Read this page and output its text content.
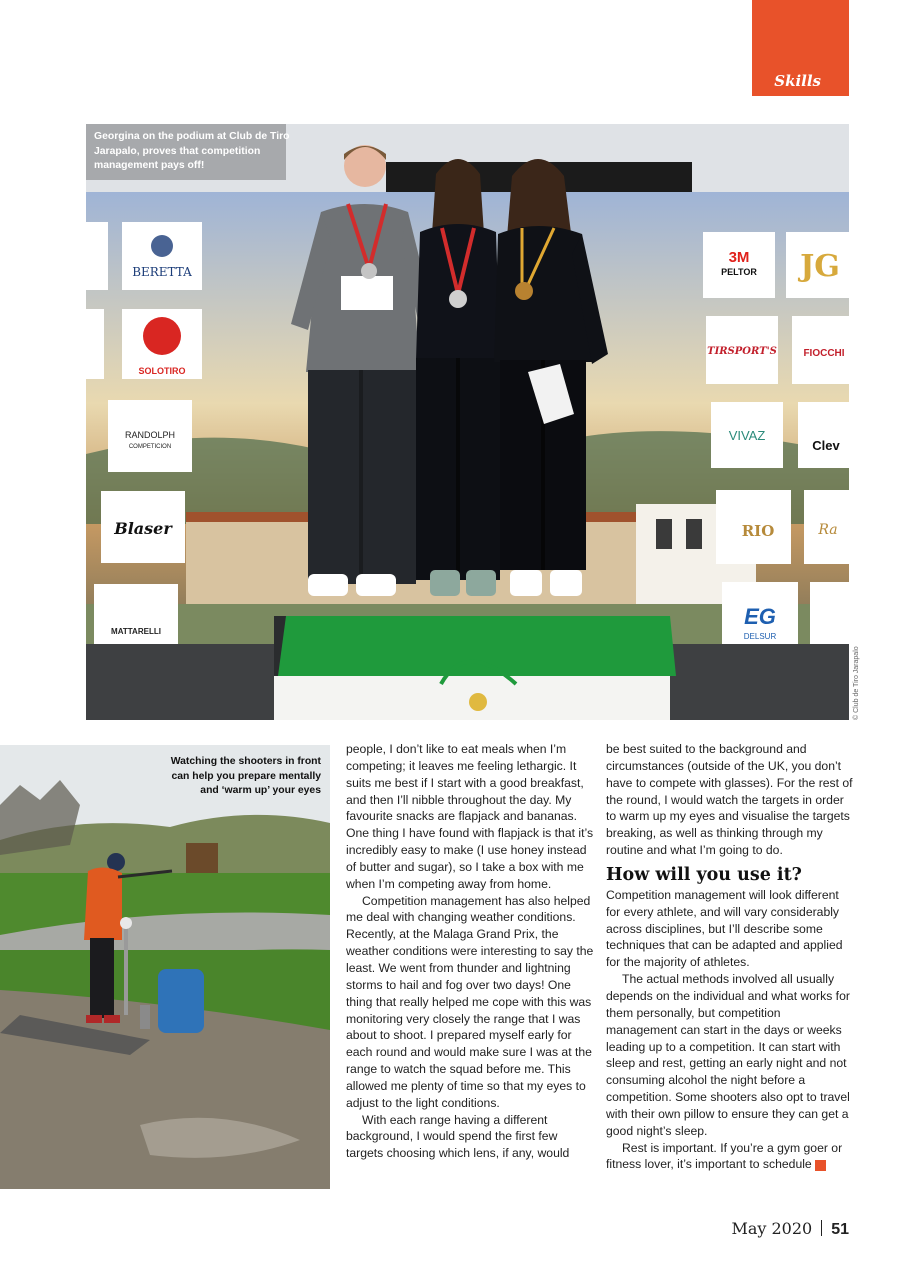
Skills
BERETTA
SOLOTIRO
RANDOLPH
COMPETICION
Blaser
MATTARELLI
3M
PELTOR JG
TIRSPORT'S	FIOCCHI
VIVAZ
Clev
RIO	Ra
EG
DELSUR
Georgina on the podium at Club de Tiro Jarapalo, proves that competition management pays off!
© Club de Tiro Jarapalo
Watching the shooters in front can help you prepare mentally and ‘warm up’ your eyes

people, I don’t like to eat meals when I’m competing; it leaves me feeling lethargic. It suits me best if I start with a good breakfast, and then I’ll nibble throughout the day. My favourite snacks are flapjack and bananas. One thing I have found with flapjack is that it’s incredibly easy to make (I use honey instead of butter and sugar), so I take a box with me when I’m competing away from home.

Competition management has also helped me deal with changing weather conditions. Recently, at the Malaga Grand Prix, the weather conditions were interesting to say the least. We went from thunder and lightning storms to hail and fog over two days! One thing that really helped me cope with this was monitoring very closely the range that I was about to shoot. I prepared myself early for each round and would make sure I was at the range to watch the squad before me. This allowed me plenty of time so that my eyes to adjust to the light conditions.

With each range having a different background, I would spend the first few targets choosing which lens, if any, would

be best suited to the background and circumstances (outside of the UK, you don’t have to compete with glasses). For the rest of the round, I would watch the targets in order to warm up my eyes and visualise the targets breaking, as well as thinking through my routine and what I’m going to do.

How will you use it?

Competition management will look different for every athlete, and will vary considerably across disciplines, but I’ll describe some techniques that can be adapted and applied for the majority of athletes.

The actual methods involved all usually depends on the individual and what works for them personally, but competition management can start in the days or weeks leading up to a competition. It can start with sleep and rest, getting an early night and not consuming alcohol the night before a competition. Some shooters also opt to travel with their own pillow to ensure they can get a good night’s sleep.

Rest is important. If you’re a gym goer or fitness lover, it’s important to schedule »

May 2020 51
